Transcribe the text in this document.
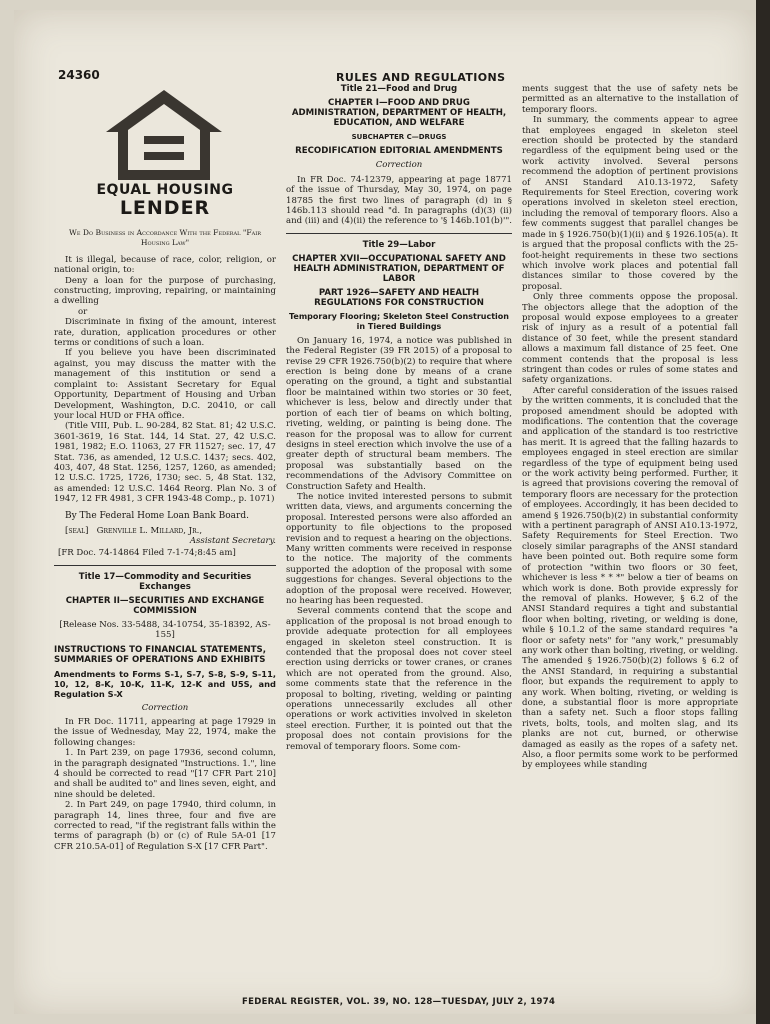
24360	RULES AND REGULATIONS
EQUAL HOUSING
LENDER

We Do Business in Accordance With the Federal "Fair Housing Law"

It is illegal, because of race, color, religion, or national origin, to:

Deny a loan for the purpose of purchasing, constructing, improving, repairing, or maintaining a dwelling

or

Discriminate in fixing of the amount, interest rate, duration, application procedures or other terms or conditions of such a loan.

If you believe you have been discriminated against, you may discuss the matter with the management of this institution or send a complaint to: Assistant Secretary for Equal Opportunity, Department of Housing and Urban Development, Washington, D.C. 20410, or call your local HUD or FHA office.

(Title VIII, Pub. L. 90-284, 82 Stat. 81; 42 U.S.C. 3601-3619, 16 Stat. 144, 14 Stat. 27, 42 U.S.C. 1981, 1982; E.O. 11063, 27 FR 11527; sec. 17, 47 Stat. 736, as amended, 12 U.S.C. 1437; secs. 402, 403, 407, 48 Stat. 1256, 1257, 1260, as amended; 12 U.S.C. 1725, 1726, 1730; sec. 5, 48 Stat. 132, as amended: 12 U.S.C. 1464 Reorg. Plan No. 3 of 1947, 12 FR 4981, 3 CFR 1943-48 Comp., p. 1071)

By The Federal Home Loan Bank Board.

[seal] Grenville L. Millard, Jr.,

Assistant Secretary.

[FR Doc. 74-14864 Filed 7-1-74;8:45 am]

Title 17—Commodity and Securities Exchanges
CHAPTER II—SECURITIES AND EXCHANGE COMMISSION

[Release Nos. 33-5488, 34-10754, 35-18392, AS-155]

INSTRUCTIONS TO FINANCIAL STATEMENTS, SUMMARIES OF OPERATIONS AND EXHIBITS
Amendments to Forms S-1, S-7, S-8, S-9, S-11, 10, 12, 8-K, 10-K, 11-K, 12-K and U5S, and Regulation S-X
Correction

In FR Doc. 11711, appearing at page 17929 in the issue of Wednesday, May 22, 1974, make the following changes:

1. In Part 239, on page 17936, second column, in the paragraph designated "Instructions. 1.", line 4 should be corrected to read "[17 CFR Part 210] and shall be audited to" and lines seven, eight, and nine should be deleted.

2. In Part 249, on page 17940, third column, in paragraph 14, lines three, four and five are corrected to read, "if the registrant falls within the terms of paragraph (b) or (c) of Rule 5A-01 [17 CFR 210.5A-01] of Regulation S-X [17 CFR Part".

Title 21—Food and Drug
CHAPTER I—FOOD AND DRUG ADMINISTRATION, DEPARTMENT OF HEALTH, EDUCATION, AND WELFARE
SUBCHAPTER C—DRUGS
RECODIFICATION EDITORIAL AMENDMENTS
Correction

In FR Doc. 74-12379, appearing at page 18771 of the issue of Thursday, May 30, 1974, on page 18785 the first two lines of paragraph (d) in § 146b.113 should read "d. In paragraphs (d)(3) (ii) and (iii) and (4)(ii) the reference to '§ 146b.101(b)'".

Title 29—Labor
CHAPTER XVII—OCCUPATIONAL SAFETY AND HEALTH ADMINISTRATION, DEPARTMENT OF LABOR
PART 1926—SAFETY AND HEALTH REGULATIONS FOR CONSTRUCTION
Temporary Flooring; Skeleton Steel Construction in Tiered Buildings

On January 16, 1974, a notice was published in the Federal Register (39 FR 2015) of a proposal to revise 29 CFR 1926.750(b)(2) to require that where erection is being done by means of a crane operating on the ground, a tight and substantial floor be maintained within two stories or 30 feet, whichever is less, below and directly under that portion of each tier of beams on which bolting, riveting, welding, or painting is being done. The reason for the proposal was to allow for current designs in steel erection which involve the use of a greater depth of structural beam members. The proposal was substantially based on the recommendations of the Advisory Committee on Construction Safety and Health.

The notice invited interested persons to submit written data, views, and arguments concerning the proposal. Interested persons were also afforded an opportunity to file objections to the proposed revision and to request a hearing on the objections. Many written comments were received in response to the notice. The majority of the comments supported the adoption of the proposal with some suggestions for changes. Several objections to the adoption of the proposal were received. However, no hearing has been requested.

Several comments contend that the scope and application of the proposal is not broad enough to provide adequate protection for all employees engaged in skeleton steel construction. It is contended that the proposal does not cover steel erection using derricks or tower cranes, or cranes which are not operated from the ground. Also, some comments state that the reference in the proposal to bolting, riveting, welding or painting operations unnecessarily excludes all other operations or work activities involved in skeleton steel erection. Further, it is pointed out that the proposal does not contain provisions for the removal of temporary floors. Some com-

ments suggest that the use of safety nets be permitted as an alternative to the installation of temporary floors.

In summary, the comments appear to agree that employees engaged in skeleton steel erection should be protected by the standard regardless of the equipment being used or the work activity involved. Several persons recommend the adoption of pertinent provisions of ANSI Standard A10.13-1972, Safety Requirements for Steel Erection, covering work operations involved in skeleton steel erection, including the removal of temporary floors. Also a few comments suggest that parallel changes be made in § 1926.750(b)(1)(ii) and § 1926.105(a). It is argued that the proposal conflicts with the 25-foot-height requirements in these two sections which involve work places and potential fall distances similar to those covered by the proposal.

Only three comments oppose the proposal. The objectors allege that the adoption of the proposal would expose employees to a greater risk of injury as a result of a potential fall distance of 30 feet, while the present standard allows a maximum fall distance of 25 feet. One comment contends that the proposal is less stringent than codes or rules of some states and safety organizations.

After careful consideration of the issues raised by the written comments, it is concluded that the proposed amendment should be adopted with modifications. The contention that the coverage and application of the standard is too restrictive has merit. It is agreed that the falling hazards to employees engaged in steel erection are similar regardless of the type of equipment being used or the work activity being performed. Further, it is agreed that provisions covering the removal of temporary floors are necessary for the protection of employees. Accordingly, it has been decided to amend § 1926.750(b)(2) in substantial conformity with a pertinent paragraph of ANSI A10.13-1972, Safety Requirements for Steel Erection. Two closely similar paragraphs of the ANSI standard have been pointed out. Both require some form of protection "within two floors or 30 feet, whichever is less * * *" below a tier of beams on which work is done. Both provide expressly for the removal of planks. However, § 6.2 of the ANSI Standard requires a tight and substantial floor when bolting, riveting, or welding is done, while § 10.1.2 of the same standard requires "a floor or safety nets" for "any work," presumably any work other than bolting, riveting, or welding. The amended § 1926.750(b)(2) follows § 6.2 of the ANSI Standard, in requiring a substantial floor, but expands the requirement to apply to any work. When bolting, riveting, or welding is done, a substantial floor is more appropriate than a safety net. Such a floor stops falling rivets, bolts, tools, and molten slag, and its planks are not cut, burned, or otherwise damaged as easily as the ropes of a safety net. Also, a floor permits some work to be performed by employees while standing

FEDERAL REGISTER, VOL. 39, NO. 128—TUESDAY, JULY 2, 1974
